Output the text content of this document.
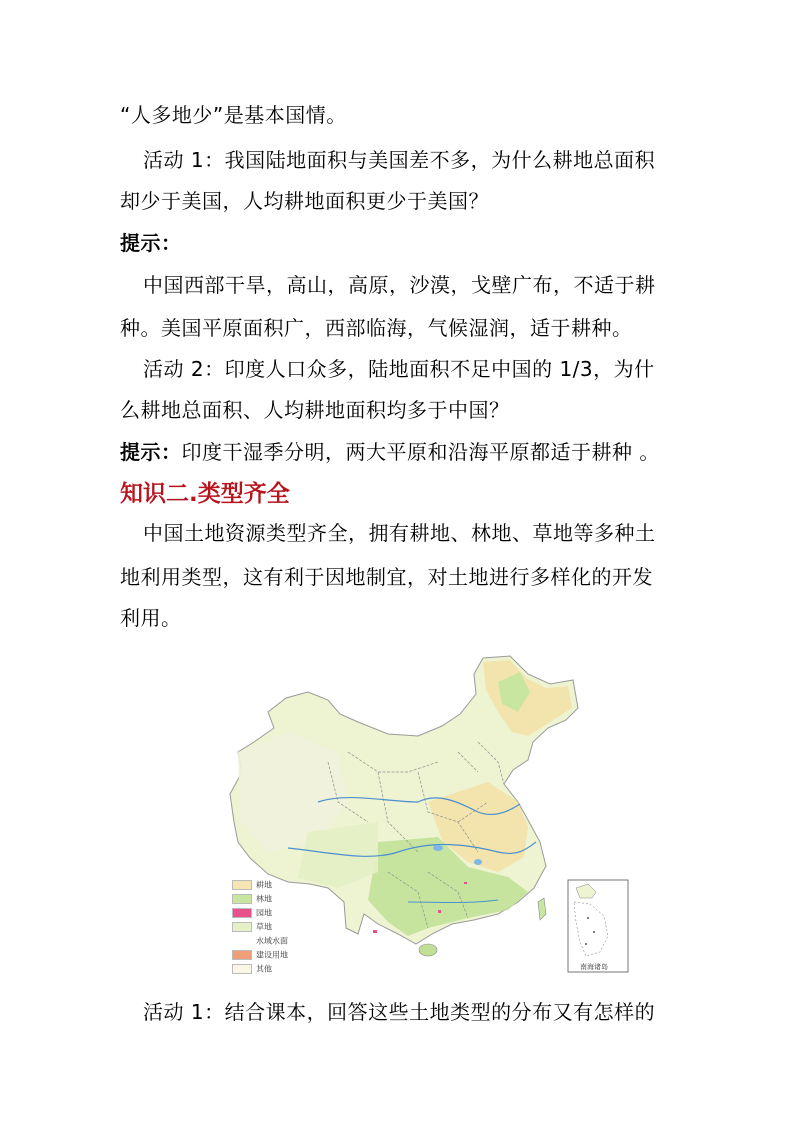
“人多地少”是基本国情。
活动 1：我国陆地面积与美国差不多，为什么耕地总面积
却少于美国，人均耕地面积更少于美国？
提示：
中国西部干旱，高山，高原，沙漠，戈壁广布，不适于耕
种。美国平原面积广，西部临海，气候湿润，适于耕种。
活动 2：印度人口众多，陆地面积不足中国的 1/3，为什
么耕地总面积、人均耕地面积均多于中国？
提示：印度干湿季分明，两大平原和沿海平原都适于耕种 。
知识二.类型齐全
中国土地资源类型齐全，拥有耕地、林地、草地等多种土
地利用类型，这有利于因地制宜，对土地进行多样化的开发
利用。
耕地
林地
园地
草地
水域水面
建设用地
其他	南海诸岛
活动 1：结合课本，回答这些土地类型的分布又有怎样的
